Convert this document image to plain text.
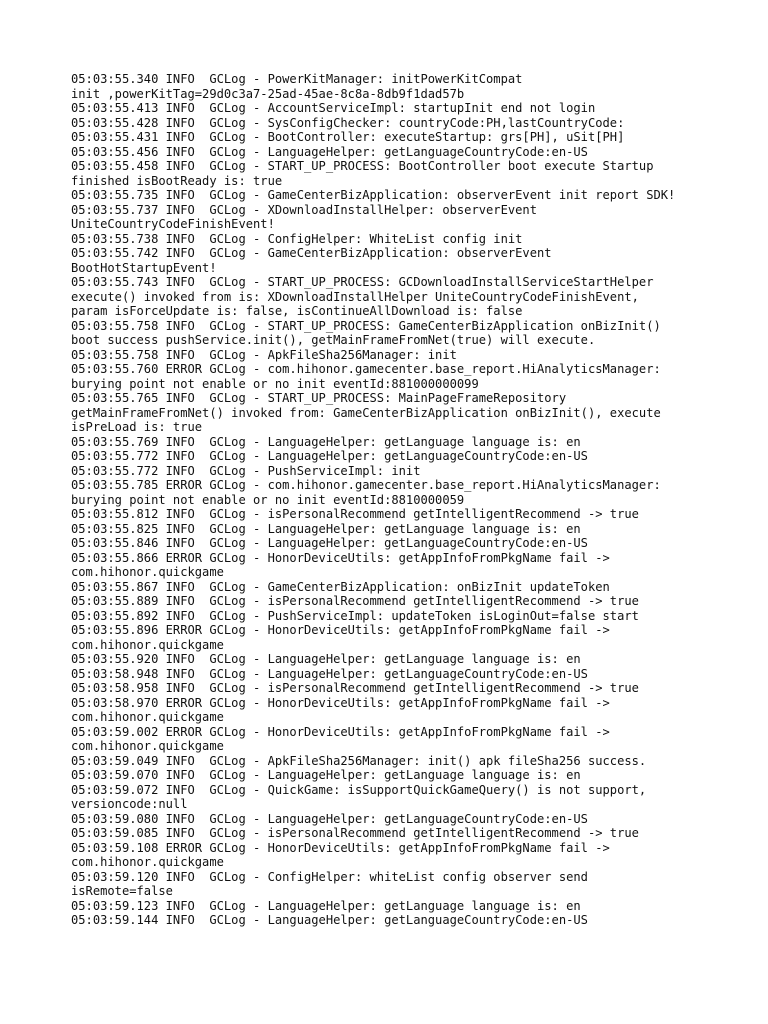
05:03:55.340 INFO  GCLog - PowerKitManager: initPowerKitCompat
init ,powerKitTag=29d0c3a7-25ad-45ae-8c8a-8db9f1dad57b
05:03:55.413 INFO  GCLog - AccountServiceImpl: startupInit end not login
05:03:55.428 INFO  GCLog - SysConfigChecker: countryCode:PH,lastCountryCode:
05:03:55.431 INFO  GCLog - BootController: executeStartup: grs[PH], uSit[PH]
05:03:55.456 INFO  GCLog - LanguageHelper: getLanguageCountryCode:en-US
05:03:55.458 INFO  GCLog - START_UP_PROCESS: BootController boot execute Startup
finished isBootReady is: true
05:03:55.735 INFO  GCLog - GameCenterBizApplication: observerEvent init report SDK!
05:03:55.737 INFO  GCLog - XDownloadInstallHelper: observerEvent
UniteCountryCodeFinishEvent!
05:03:55.738 INFO  GCLog - ConfigHelper: WhiteList config init
05:03:55.742 INFO  GCLog - GameCenterBizApplication: observerEvent
BootHotStartupEvent!
05:03:55.743 INFO  GCLog - START_UP_PROCESS: GCDownloadInstallServiceStartHelper
execute() invoked from is: XDownloadInstallHelper UniteCountryCodeFinishEvent,
param isForceUpdate is: false, isContinueAllDownload is: false
05:03:55.758 INFO  GCLog - START_UP_PROCESS: GameCenterBizApplication onBizInit()
boot success pushService.init(), getMainFrameFromNet(true) will execute.
05:03:55.758 INFO  GCLog - ApkFileSha256Manager: init
05:03:55.760 ERROR GCLog - com.hihonor.gamecenter.base_report.HiAnalyticsManager:
burying point not enable or no init eventId:881000000099
05:03:55.765 INFO  GCLog - START_UP_PROCESS: MainPageFrameRepository
getMainFrameFromNet() invoked from: GameCenterBizApplication onBizInit(), execute
isPreLoad is: true
05:03:55.769 INFO  GCLog - LanguageHelper: getLanguage language is: en
05:03:55.772 INFO  GCLog - LanguageHelper: getLanguageCountryCode:en-US
05:03:55.772 INFO  GCLog - PushServiceImpl: init
05:03:55.785 ERROR GCLog - com.hihonor.gamecenter.base_report.HiAnalyticsManager:
burying point not enable or no init eventId:8810000059
05:03:55.812 INFO  GCLog - isPersonalRecommend getIntelligentRecommend -> true
05:03:55.825 INFO  GCLog - LanguageHelper: getLanguage language is: en
05:03:55.846 INFO  GCLog - LanguageHelper: getLanguageCountryCode:en-US
05:03:55.866 ERROR GCLog - HonorDeviceUtils: getAppInfoFromPkgName fail ->
com.hihonor.quickgame
05:03:55.867 INFO  GCLog - GameCenterBizApplication: onBizInit updateToken
05:03:55.889 INFO  GCLog - isPersonalRecommend getIntelligentRecommend -> true
05:03:55.892 INFO  GCLog - PushServiceImpl: updateToken isLoginOut=false start
05:03:55.896 ERROR GCLog - HonorDeviceUtils: getAppInfoFromPkgName fail ->
com.hihonor.quickgame
05:03:55.920 INFO  GCLog - LanguageHelper: getLanguage language is: en
05:03:58.948 INFO  GCLog - LanguageHelper: getLanguageCountryCode:en-US
05:03:58.958 INFO  GCLog - isPersonalRecommend getIntelligentRecommend -> true
05:03:58.970 ERROR GCLog - HonorDeviceUtils: getAppInfoFromPkgName fail ->
com.hihonor.quickgame
05:03:59.002 ERROR GCLog - HonorDeviceUtils: getAppInfoFromPkgName fail ->
com.hihonor.quickgame
05:03:59.049 INFO  GCLog - ApkFileSha256Manager: init() apk fileSha256 success.
05:03:59.070 INFO  GCLog - LanguageHelper: getLanguage language is: en
05:03:59.072 INFO  GCLog - QuickGame: isSupportQuickGameQuery() is not support,
versioncode:null
05:03:59.080 INFO  GCLog - LanguageHelper: getLanguageCountryCode:en-US
05:03:59.085 INFO  GCLog - isPersonalRecommend getIntelligentRecommend -> true
05:03:59.108 ERROR GCLog - HonorDeviceUtils: getAppInfoFromPkgName fail ->
com.hihonor.quickgame
05:03:59.120 INFO  GCLog - ConfigHelper: whiteList config observer send
isRemote=false
05:03:59.123 INFO  GCLog - LanguageHelper: getLanguage language is: en
05:03:59.144 INFO  GCLog - LanguageHelper: getLanguageCountryCode:en-US
